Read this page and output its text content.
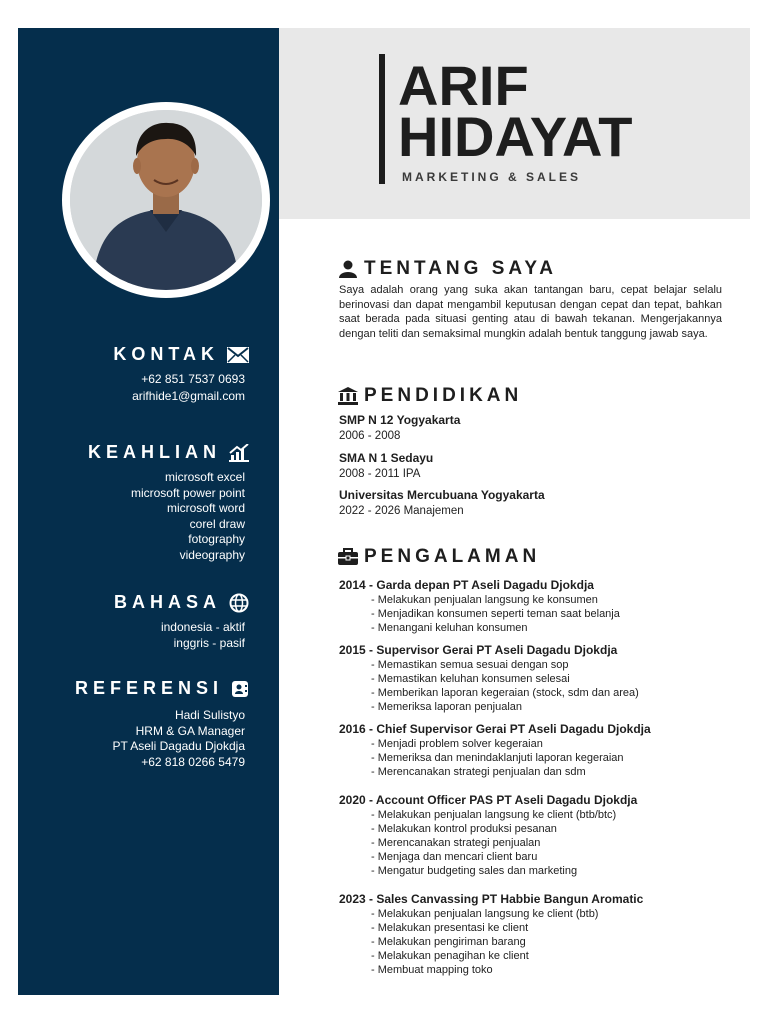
KONTAK
+62 851 7537 0693
arifhide1@gmail.com
KEAHLIAN
microsoft excel
microsoft power point
microsoft word
corel draw
fotography
videography
BAHASA
indonesia - aktif
inggris - pasif
REFERENSI
Hadi Sulistyo
HRM & GA Manager
PT Aseli Dagadu Djokdja
+62 818 0266 5479
ARIF
HIDAYAT
MARKETING & SALES
TENTANG SAYA
Saya adalah orang yang suka akan tantangan baru, cepat belajar selalu berinovasi dan dapat mengambil keputusan dengan cepat dan tepat, bahkan saat berada pada situasi genting atau di bawah tekanan. Mengerjakannya dengan teliti dan semaksimal mungkin adalah bentuk tanggung jawab saya.
PENDIDIKAN
SMP N 12 Yogyakarta
2006 - 2008
SMA N 1 Sedayu
2008 - 2011 IPA
Universitas Mercubuana Yogyakarta
2022 - 2026 Manajemen
PENGALAMAN
2014 - Garda depan PT Aseli Dagadu Djokdja
- Melakukan penjualan langsung ke konsumen
- Menjadikan konsumen seperti teman saat belanja
- Menangani keluhan konsumen
2015 - Supervisor Gerai PT Aseli Dagadu Djokdja
- Memastikan semua sesuai dengan sop
- Memastikan keluhan konsumen selesai
- Memberikan laporan kegeraian (stock, sdm dan area)
- Memeriksa laporan penjualan
2016 - Chief Supervisor Gerai PT Aseli Dagadu Djokdja
- Menjadi problem solver kegeraian
- Memeriksa dan menindaklanjuti laporan kegeraian
- Merencanakan strategi penjualan dan sdm
2020 - Account Officer PAS PT Aseli Dagadu Djokdja
- Melakukan penjualan langsung ke client (btb/btc)
- Melakukan kontrol produksi pesanan
- Merencanakan strategi penjualan
- Menjaga dan mencari client baru
- Mengatur budgeting sales dan marketing
2023 - Sales Canvassing PT Habbie Bangun Aromatic
- Melakukan penjualan langsung ke client (btb)
- Melakukan presentasi ke client
- Melakukan pengiriman barang
- Melakukan penagihan ke client
- Membuat mapping toko
